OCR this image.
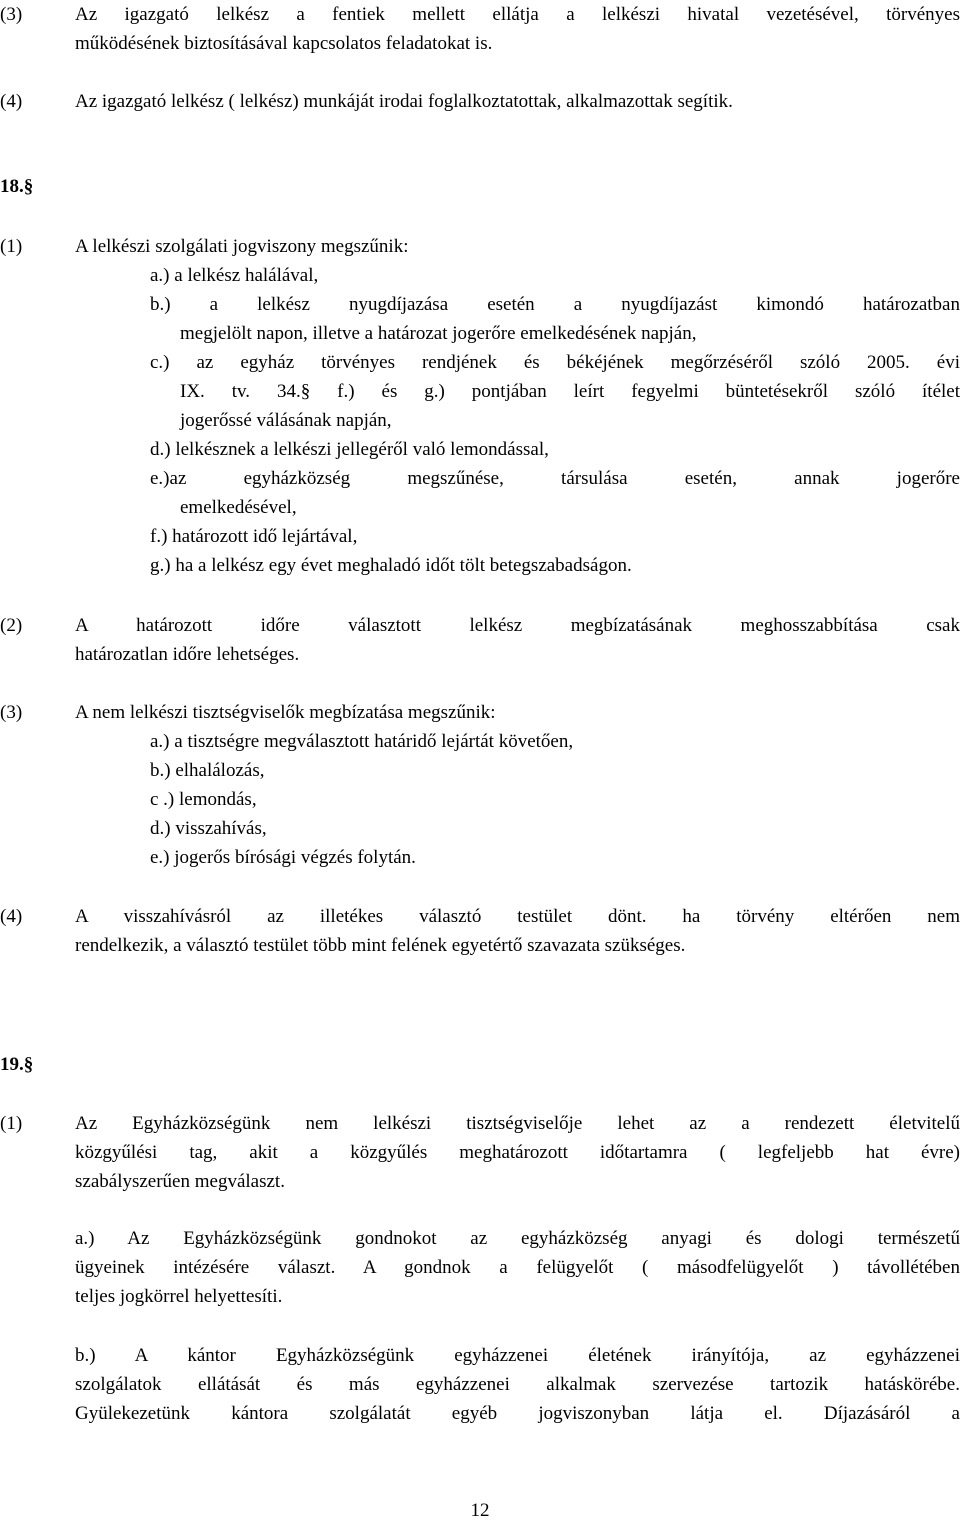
(3)	Az igazgató lelkész a fentiek mellett ellátja a lelkészi hivatal vezetésével, törvényes
működésének biztosításával kapcsolatos feladatokat is.
(4)	Az igazgató lelkész ( lelkész) munkáját irodai foglalkoztatottak, alkalmazottak segítik.
18.§
(1)	A lelkészi szolgálati jogviszony megszűnik:
a.) a lelkész halálával,
b.) a lelkész nyugdíjazása esetén a nyugdíjazást kimondó határozatban
megjelölt napon, illetve a határozat jogerőre emelkedésének napján,
c.) az egyház törvényes rendjének és békéjének megőrzéséről szóló 2005. évi
IX. tv. 34.§ f.) és g.) pontjában leírt fegyelmi büntetésekről szóló ítélet
jogerőssé válásának napján,
d.) lelkésznek a lelkészi jellegéről való lemondással,
e.)az egyházközség megszűnése, társulása esetén, annak jogerőre
emelkedésével,
f.) határozott idő lejártával,
g.) ha a lelkész egy évet meghaladó időt tölt betegszabadságon.
(2)	A határozott időre választott lelkész megbízatásának meghosszabbítása csak
határozatlan időre lehetséges.
(3)	A nem lelkészi tisztségviselők megbízatása megszűnik:
a.) a tisztségre megválasztott határidő lejártát követően,
b.) elhalálozás,
c .) lemondás,
d.) visszahívás,
e.) jogerős bírósági végzés folytán.
(4)	A visszahívásról az illetékes választó testület dönt. ha törvény eltérően nem
rendelkezik, a választó testület több mint felének egyetértő szavazata szükséges.
19.§
(1)	Az Egyházközségünk nem lelkészi tisztségviselője lehet az a rendezett életvitelű
közgyűlési tag, akit a közgyűlés meghatározott időtartamra ( legfeljebb hat évre)
szabályszerűen megválaszt.
a.) Az Egyházközségünk gondnokot az egyházközség anyagi és dologi természetű
ügyeinek intézésére választ. A gondnok a felügyelőt ( másodfelügyelőt ) távollétében
teljes jogkörrel helyettesíti.
b.) A kántor Egyházközségünk egyházzenei életének irányítója, az egyházzenei
szolgálatok ellátását és más egyházzenei alkalmak szervezése tartozik hatáskörébe.
Gyülekezetünk kántora szolgálatát egyéb jogviszonyban látja el. Díjazásáról a
12
